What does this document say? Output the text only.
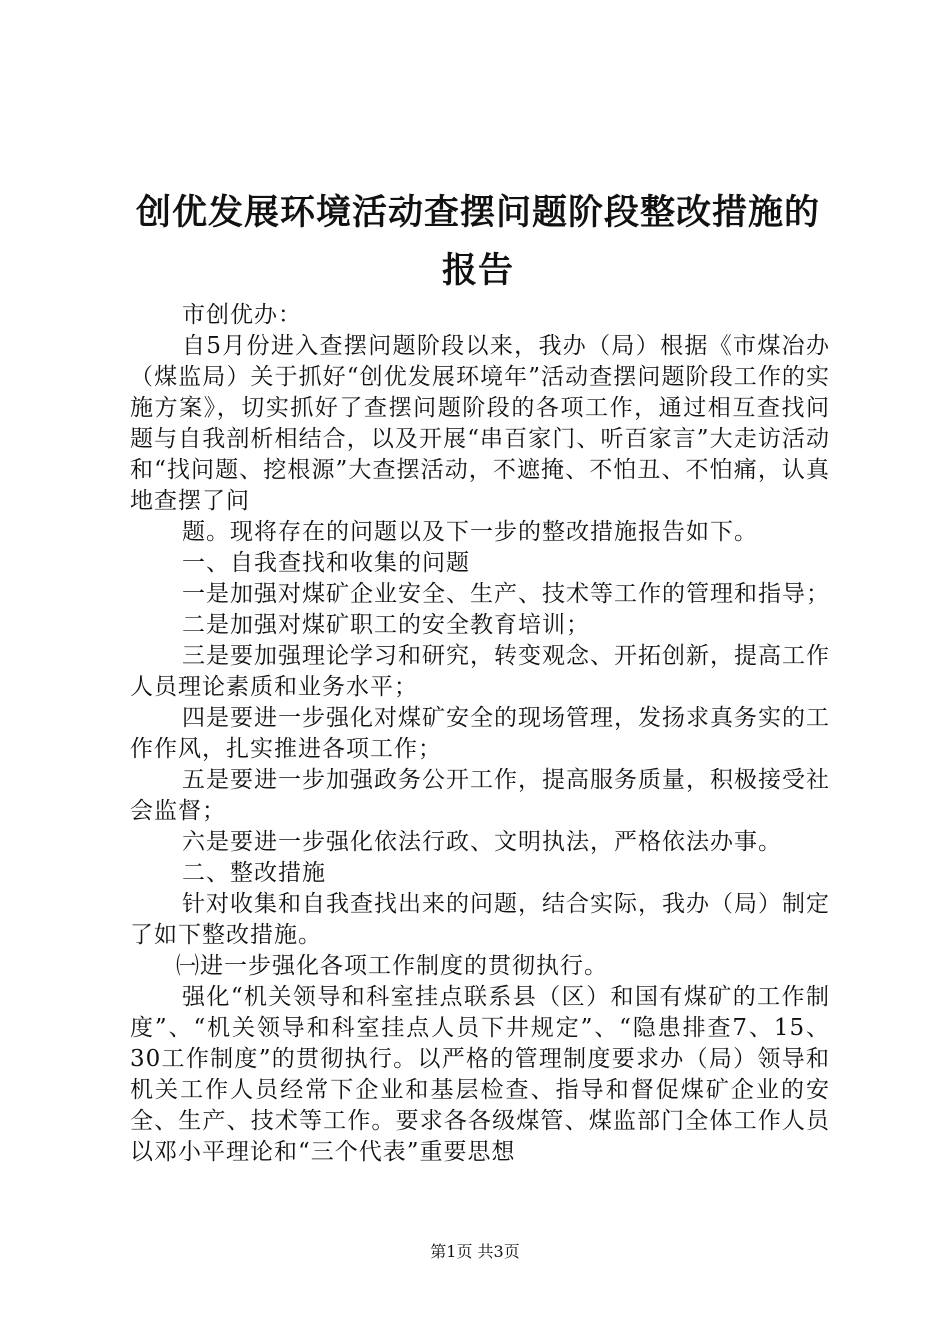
创优发展环境活动查摆问题阶段整改措施的报告

市创优办：

自5月份进入查摆问题阶段以来，我办（局）根据《市煤冶办（煤监局）关于抓好“创优发展环境年”活动查摆问题阶段工作的实施方案》，切实抓好了查摆问题阶段的各项工作，通过相互查找问题与自我剖析相结合，以及开展“串百家门、听百家言”大走访活动和“找问题、挖根源”大查摆活动，不遮掩、不怕丑、不怕痛，认真地查摆了问

题。现将存在的问题以及下一步的整改措施报告如下。

一、自我查找和收集的问题

一是加强对煤矿企业安全、生产、技术等工作的管理和指导；

二是加强对煤矿职工的安全教育培训；

三是要加强理论学习和研究，转变观念、开拓创新，提高工作人员理论素质和业务水平；

四是要进一步强化对煤矿安全的现场管理，发扬求真务实的工作作风，扎实推进各项工作；

五是要进一步加强政务公开工作，提高服务质量，积极接受社会监督；

六是要进一步强化依法行政、文明执法，严格依法办事。

二、整改措施

针对收集和自我查找出来的问题，结合实际，我办（局）制定了如下整改措施。

㈠进一步强化各项工作制度的贯彻执行。

强化“机关领导和科室挂点联系县（区）和国有煤矿的工作制度”、“机关领导和科室挂点人员下井规定”、“隐患排查7、15、30工作制度”的贯彻执行。以严格的管理制度要求办（局）领导和机关工作人员经常下企业和基层检查、指导和督促煤矿企业的安全、生产、技术等工作。要求各各级煤管、煤监部门全体工作人员以邓小平理论和“三个代表”重要思想

第1页 共3页
